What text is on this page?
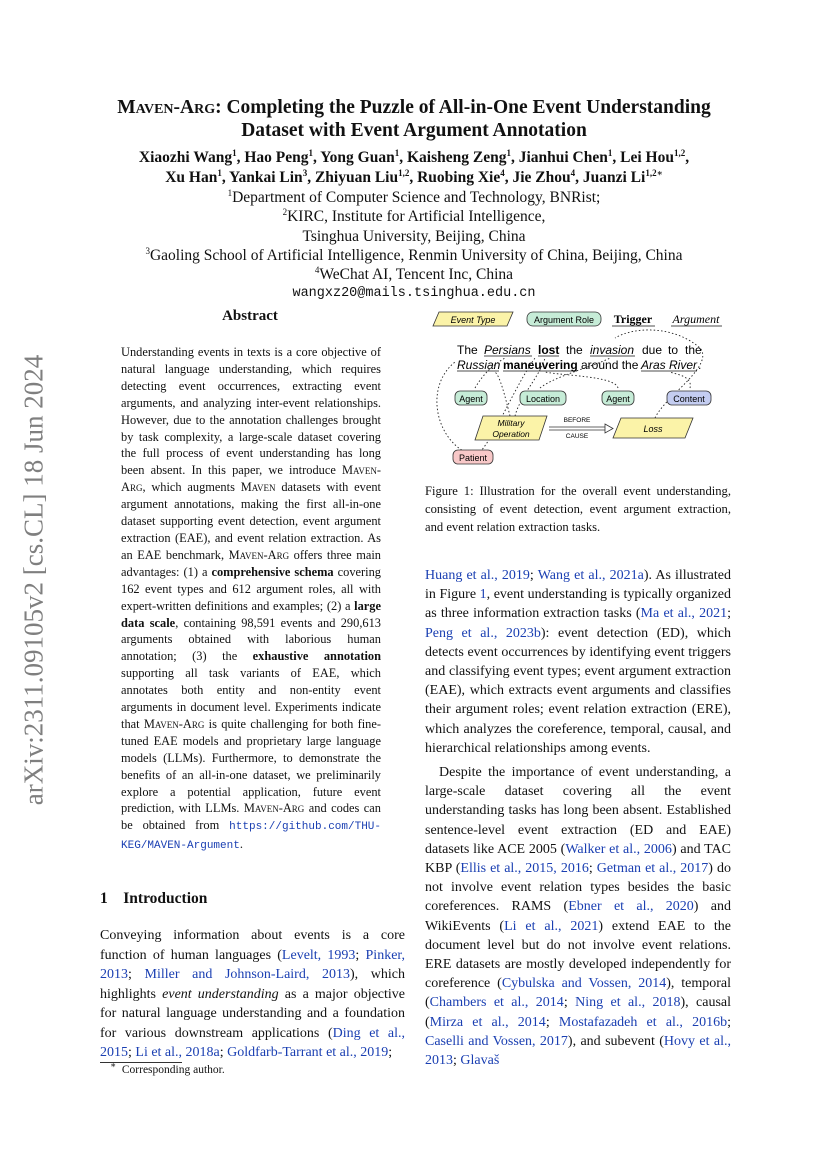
Maven-Arg: Completing the Puzzle of All-in-One Event Understanding
Dataset with Event Argument Annotation
Xiaozhi Wang$^1$, Hao Peng$^1$, Yong Guan$^1$, Kaisheng Zeng$^1$, Jianhui Chen$^1$, Lei Hou$^{1,2}$,
Xu Han$^1$, Yankai Lin$^3$, Zhiyuan Liu$^{1,2}$, Ruobing Xie$^4$, Jie Zhou$^4$, Juanzi $Li^{1,2∗}$
$^1$Department of Computer Science and Technology, BNRist;
$^2$KIRC, Institute for Artificial Intelligence,
Tsinghua University, Beijing, China
$^3$Gaoling School of Artificial Intelligence, Renmin University of China, Beijing, China
$^4$WeChat AI, Tencent Inc, China
wangxz20@mails.tsinghua.edu.cn
arXiv:2311.09105v2 [cs.CL] 18 Jun 2024
Abstract
Understanding events in texts is a core objective of natural language understanding, which requires detecting event occurrences, extracting event arguments, and analyzing inter-event relationships. However, due to the annotation challenges brought by task complexity, a large-scale dataset covering the full process of event understanding has long been absent. In this paper, we introduce Maven-Arg, which augments Maven datasets with event argument annotations, making the first all-in-one dataset supporting event detection, event argument extraction (EAE), and event relation extraction. As an EAE benchmark, Maven-Arg offers three main advantages: (1) a comprehensive schema covering 162 event types and 612 argument roles, all with expert-written definitions and examples; (2) a large data scale, containing 98,591 events and 290,613 arguments obtained with laborious human annotation; (3) the exhaustive annotation supporting all task variants of EAE, which annotates both entity and non-entity event arguments in document level. Experiments indicate that Maven-Arg is quite challenging for both fine-tuned EAE models and proprietary large language models (LLMs). Furthermore, to demonstrate the benefits of an all-in-one dataset, we preliminarily explore a potential application, future event prediction, with LLMs. Maven-Arg and codes can be obtained from https://github.com/THU-KEG/MAVEN-Argument.
1 Introduction

Conveying information about events is a core function of human languages (Levelt, 1993; Pinker, 2013; Miller and Johnson-Laird, 2013), which highlights event understanding as a major objective for natural language understanding and a foundation for various downstream applications (Ding et al., 2015; Li et al., 2018a; Goldfarb-Tarrant et al., 2019;

∗ Corresponding author.
Event Type	Argument Role Trigger Argument
The Persians lost the invasion due to the
Russian maneuvering around the Aras River .
Agent	Location	Agent	Content
Patient
Military
Operation	Loss
BEFORE
CAUSE
Figure 1: Illustration for the overall event understanding, consisting of event detection, event argument extraction, and event relation extraction tasks.

Huang et al., 2019; Wang et al., 2021a). As illustrated in Figure 1, event understanding is typically organized as three information extraction tasks (Ma et al., 2021; Peng et al., 2023b): event detection (ED), which detects event occurrences by identifying event triggers and classifying event types; event argument extraction (EAE), which extracts event arguments and classifies their argument roles; event relation extraction (ERE), which analyzes the coreference, temporal, causal, and hierarchical relationships among events.

Despite the importance of event understanding, a large-scale dataset covering all the event understanding tasks has long been absent. Established sentence-level event extraction (ED and EAE) datasets like ACE 2005 (Walker et al., 2006) and TAC KBP (Ellis et al., 2015, 2016; Getman et al., 2017) do not involve event relation types besides the basic coreferences. RAMS (Ebner et al., 2020) and WikiEvents (Li et al., 2021) extend EAE to the document level but do not involve event relations. ERE datasets are mostly developed independently for coreference (Cybulska and Vossen, 2014), temporal (Chambers et al., 2014; Ning et al., 2018), causal (Mirza et al., 2014; Mostafazadeh et al., 2016b; Caselli and Vossen, 2017), and subevent (Hovy et al., 2013; Glavaš
